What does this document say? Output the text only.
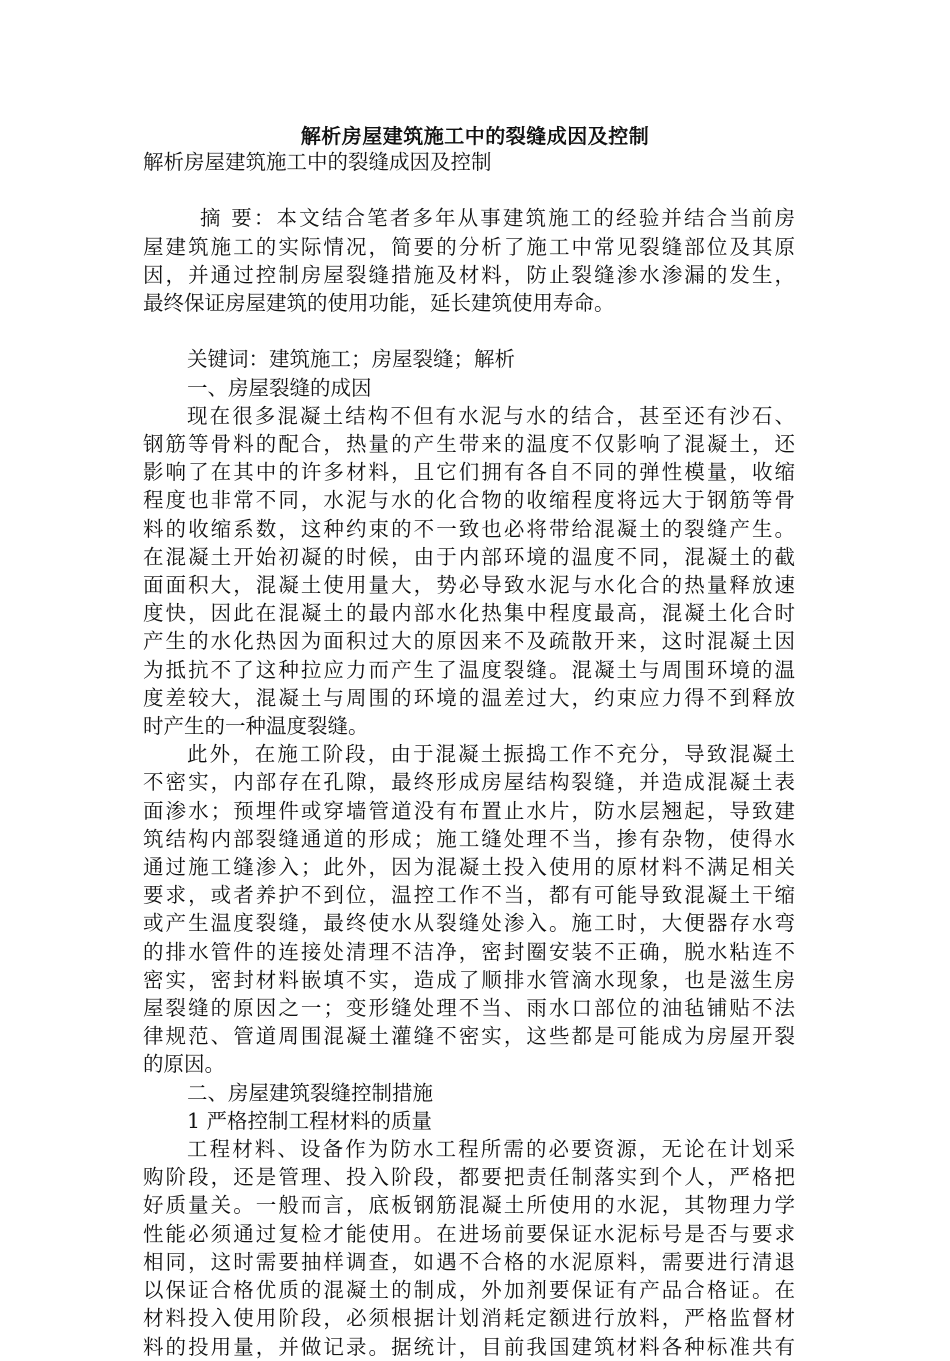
解析房屋建筑施工中的裂缝成因及控制

解析房屋建筑施工中的裂缝成因及控制

摘 要：本文结合笔者多年从事建筑施工的经验并结合当前房
屋建筑施工的实际情况，简要的分析了施工中常见裂缝部位及其原
因，并通过控制房屋裂缝措施及材料，防止裂缝渗水渗漏的发生，
最终保证房屋建筑的使用功能，延长建筑使用寿命。

关键词：建筑施工；房屋裂缝；解析

一、房屋裂缝的成因

现在很多混凝土结构不但有水泥与水的结合，甚至还有沙石、
钢筋等骨料的配合，热量的产生带来的温度不仅影响了混凝土，还
影响了在其中的许多材料，且它们拥有各自不同的弹性模量，收缩
程度也非常不同，水泥与水的化合物的收缩程度将远大于钢筋等骨
料的收缩系数，这种约束的不一致也必将带给混凝土的裂缝产生。
在混凝土开始初凝的时候，由于内部环境的温度不同，混凝土的截
面面积大，混凝土使用量大，势必导致水泥与水化合的热量释放速
度快，因此在混凝土的最内部水化热集中程度最高，混凝土化合时
产生的水化热因为面积过大的原因来不及疏散开来，这时混凝土因
为抵抗不了这种拉应力而产生了温度裂缝。混凝土与周围环境的温
度差较大，混凝土与周围的环境的温差过大，约束应力得不到释放
时产生的一种温度裂缝。

此外，在施工阶段，由于混凝土振捣工作不充分，导致混凝土
不密实，内部存在孔隙，最终形成房屋结构裂缝，并造成混凝土表
面渗水；预埋件或穿墙管道没有布置止水片，防水层翘起，导致建
筑结构内部裂缝通道的形成；施工缝处理不当，掺有杂物，使得水
通过施工缝渗入；此外，因为混凝土投入使用的原材料不满足相关
要求，或者养护不到位，温控工作不当，都有可能导致混凝土干缩
或产生温度裂缝，最终使水从裂缝处渗入。施工时，大便器存水弯
的排水管件的连接处清理不洁净，密封圈安装不正确，脱水粘连不
密实，密封材料嵌填不实，造成了顺排水管滴水现象，也是滋生房
屋裂缝的原因之一；变形缝处理不当、雨水口部位的油毡铺贴不法
律规范、管道周围混凝土灌缝不密实，这些都是可能成为房屋开裂
的原因。

二、房屋建筑裂缝控制措施

1 严格控制工程材料的质量

工程材料、设备作为防水工程所需的必要资源，无论在计划采
购阶段，还是管理、投入阶段，都要把责任制落实到个人，严格把
好质量关。一般而言，底板钢筋混凝土所使用的水泥，其物理力学
性能必须通过复检才能使用。在进场前要保证水泥标号是否与要求
相同，这时需要抽样调查，如遇不合格的水泥原料，需要进行清退
以保证合格优质的混凝土的制成，外加剂要保证有产品合格证。在
材料投入使用阶段，必须根据计划消耗定额进行放料，严格监督材
料的投用量，并做记录。据统计，目前我国建筑材料各种标准共有
